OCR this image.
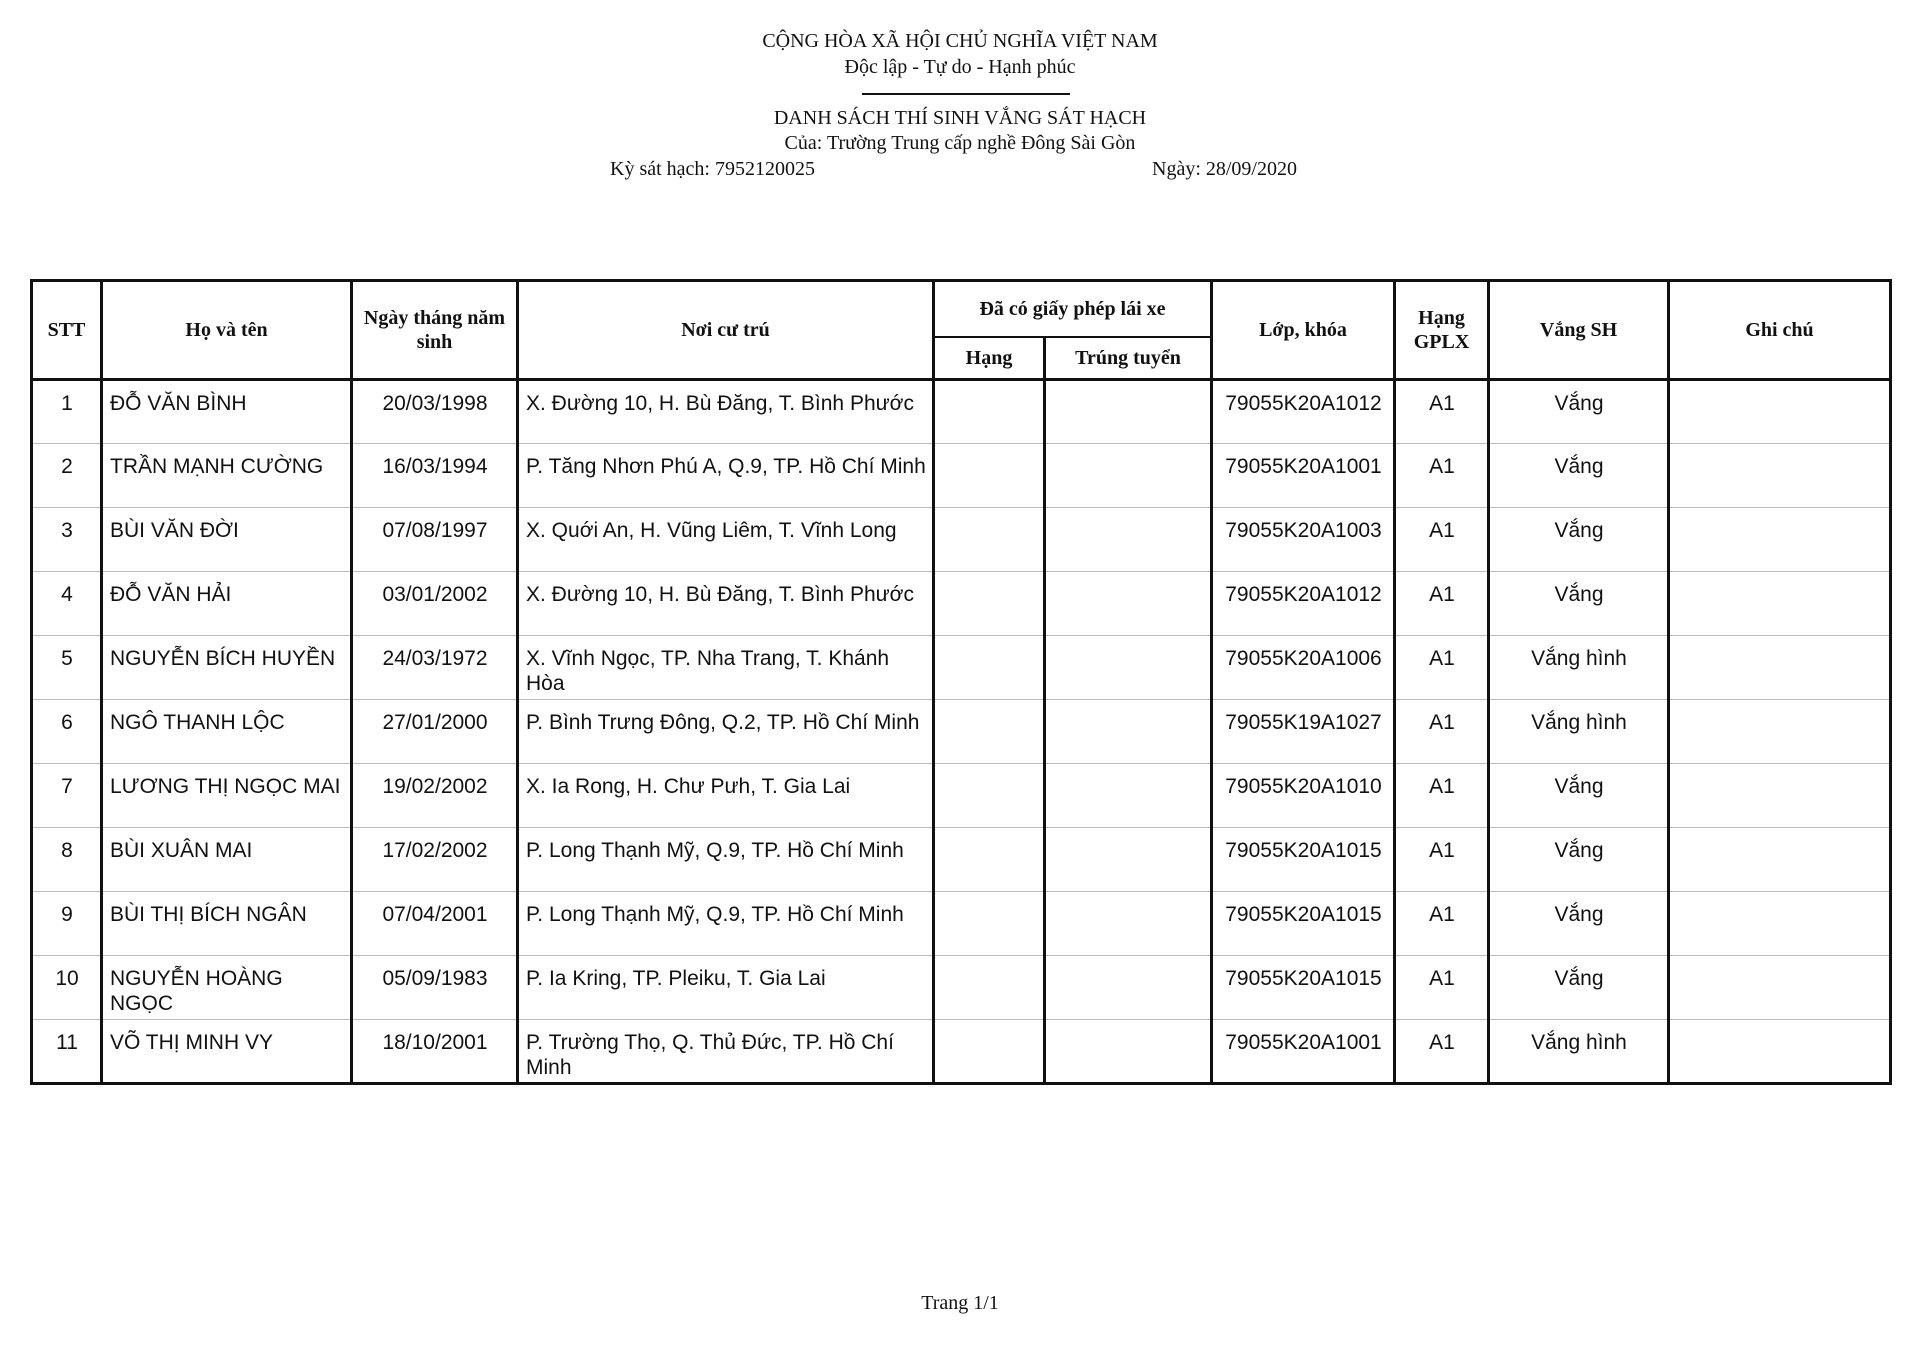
CỘNG HÒA XÃ HỘI CHỦ NGHĨA VIỆT NAM
Độc lập - Tự do - Hạnh phúc
DANH SÁCH THÍ SINH VẮNG SÁT HẠCH
Của: Trường Trung cấp nghề Đông Sài Gòn
Kỳ sát hạch: 7952120025	Ngày: 28/09/2020
STT	Họ và tên	Ngày tháng năm sinh	Nơi cư trú	Đã có giấy phép lái xe		Lớp, khóa	Hạng GPLX	Vắng SH	Ghi chú
				Hạng	Trúng tuyển				
1	ĐỖ VĂN BÌNH	20/03/1998	X. Đường 10, H. Bù Đăng, T. Bình Phước			79055K20A1012	A1	Vắng	
2	TRẦN MẠNH CƯỜNG	16/03/1994	P. Tăng Nhơn Phú A, Q.9, TP. Hồ Chí Minh			79055K20A1001	A1	Vắng	
3	BÙI VĂN ĐỜI	07/08/1997	X. Quới An, H. Vũng Liêm, T. Vĩnh Long			79055K20A1003	A1	Vắng	
4	ĐỖ VĂN HẢI	03/01/2002	X. Đường 10, H. Bù Đăng, T. Bình Phước			79055K20A1012	A1	Vắng	
5	NGUYỄN BÍCH HUYỀN	24/03/1972	X. Vĩnh Ngọc, TP. Nha Trang, T. Khánh Hòa			79055K20A1006	A1	Vắng hình	
6	NGÔ THANH LỘC	27/01/2000	P. Bình Trưng Đông, Q.2, TP. Hồ Chí Minh			79055K19A1027	A1	Vắng hình	
7	LƯƠNG THỊ NGỌC MAI	19/02/2002	X. Ia Rong, H. Chư Pưh, T. Gia Lai			79055K20A1010	A1	Vắng	
8	BÙI XUÂN MAI	17/02/2002	P. Long Thạnh Mỹ, Q.9, TP. Hồ Chí Minh			79055K20A1015	A1	Vắng	
9	BÙI THỊ BÍCH NGÂN	07/04/2001	P. Long Thạnh Mỹ, Q.9, TP. Hồ Chí Minh			79055K20A1015	A1	Vắng	
10	NGUYỄN HOÀNG NGỌC	05/09/1983	P. Ia Kring, TP. Pleiku, T. Gia Lai			79055K20A1015	A1	Vắng	
11	VÕ THỊ MINH VY	18/10/2001	P. Trường Thọ, Q. Thủ Đức, TP. Hồ Chí Minh			79055K20A1001	A1	Vắng hình	
Trang 1/1
